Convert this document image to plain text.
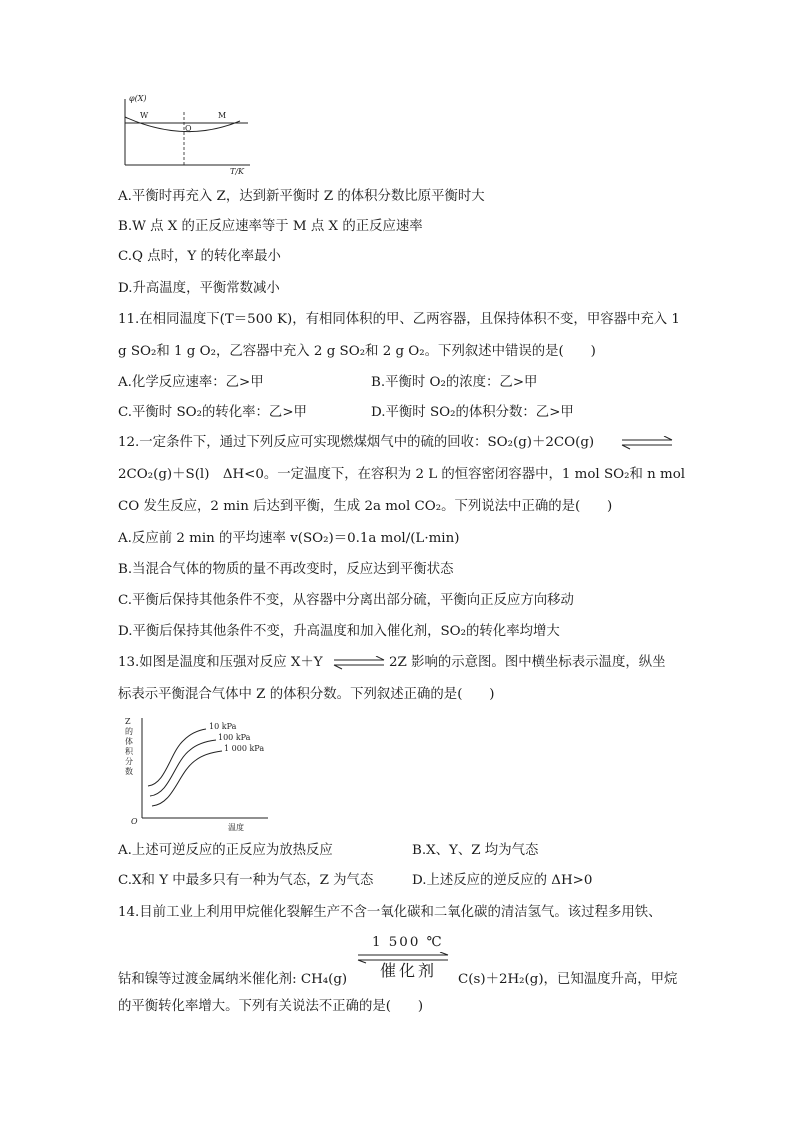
φ(X)
W
Q
M
T/K
A.平衡时再充入 Z，达到新平衡时 Z 的体积分数比原平衡时大
B.W 点 X 的正反应速率等于 M 点 X 的正反应速率
C.Q 点时，Y 的转化率最小
D.升高温度，平衡常数减小
11.在相同温度下(T＝500 K)，有相同体积的甲、乙两容器，且保持体积不变，甲容器中充入 1
g SO₂和 1 g O₂，乙容器中充入 2 g SO₂和 2 g O₂。下列叙述中错误的是(　　)
A.化学反应速率：乙>甲	B.平衡时 O₂的浓度：乙>甲
C.平衡时 SO₂的转化率：乙>甲	D.平衡时 SO₂的体积分数：乙>甲
12.一定条件下，通过下列反应可实现燃煤烟气中的硫的回收：SO₂(g)＋2CO(g)
2CO₂(g)＋S(l)　ΔH<0。一定温度下，在容积为 2 L 的恒容密闭容器中，1 mol SO₂和 n mol
CO 发生反应，2 min 后达到平衡，生成 2a mol CO₂。下列说法中正确的是(　　)
A.反应前 2 min 的平均速率 v(SO₂)＝0.1a mol/(L·min)
B.当混合气体的物质的量不再改变时，反应达到平衡状态
C.平衡后保持其他条件不变，从容器中分离出部分硫，平衡向正反应方向移动
D.平衡后保持其他条件不变，升高温度和加入催化剂，SO₂的转化率均增大
13.如图是温度和压强对反应 X＋Y ⇌ 2Z 影响的示意图。图中横坐标表示温度，纵坐
标表示平衡混合气体中 Z 的体积分数。下列叙述正确的是(　　)
Z
的
体
积
分
数
O
温度
10 kPa
100 kPa
1 000 kPa
A.上述可逆反应的正反应为放热反应	B.X、Y、Z 均为气态
C.X和 Y 中最多只有一种为气态，Z 为气态	D.上述反应的逆反应的 ΔH>0
14.目前工业上利用甲烷催化裂解生产不含一氧化碳和二氧化碳的清洁氢气。该过程多用铁、
1 500 ℃
催化剂
钴和镍等过渡金属纳米催化剂: CH₄(g)	C(s)＋2H₂(g)，已知温度升高，甲烷
的平衡转化率增大。下列有关说法不正确的是(　　)
